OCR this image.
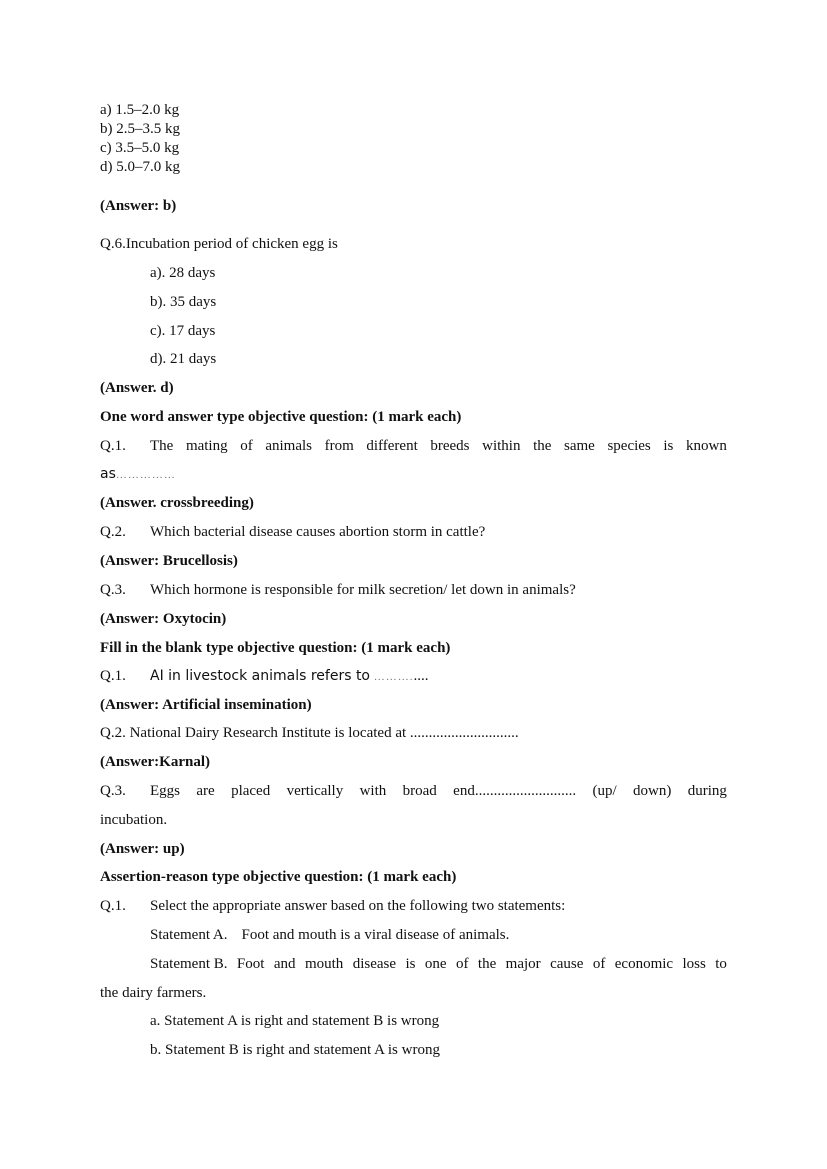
a) 1.5–2.0 kg
b) 2.5–3.5 kg
c) 3.5–5.0 kg
d) 5.0–7.0 kg
(Answer: b)
Q.6.Incubation period of chicken egg is
a). 28 days
b). 35 days
c). 17 days
d). 21 days
(Answer. d)
One word answer type objective question: (1 mark each)
Q.1. The mating of animals from different breeds within the same species is known
as……………
(Answer. crossbreeding)
Q.2. Which bacterial disease causes abortion storm in cattle?
(Answer: Brucellosis)
Q.3. Which hormone is responsible for milk secretion/ let down in animals?
(Answer: Oxytocin)
Fill in the blank type objective question: (1 mark each)
Q.1. AI in livestock animals refers to ……….....
(Answer: Artificial insemination)
Q.2. National Dairy Research Institute is located at .............................
(Answer:Karnal)
Q.3. Eggs are placed vertically with broad end........................... (up/ down) during
incubation.
(Answer: up)
Assertion-reason type objective question: (1 mark each)
Q.1. Select the appropriate answer based on the following two statements:
Statement A. Foot and mouth is a viral disease of animals.
Statement B. Foot and mouth disease is one of the major cause of economic loss to
the dairy farmers.
a. Statement A is right and statement B is wrong
b. Statement B is right and statement A is wrong
